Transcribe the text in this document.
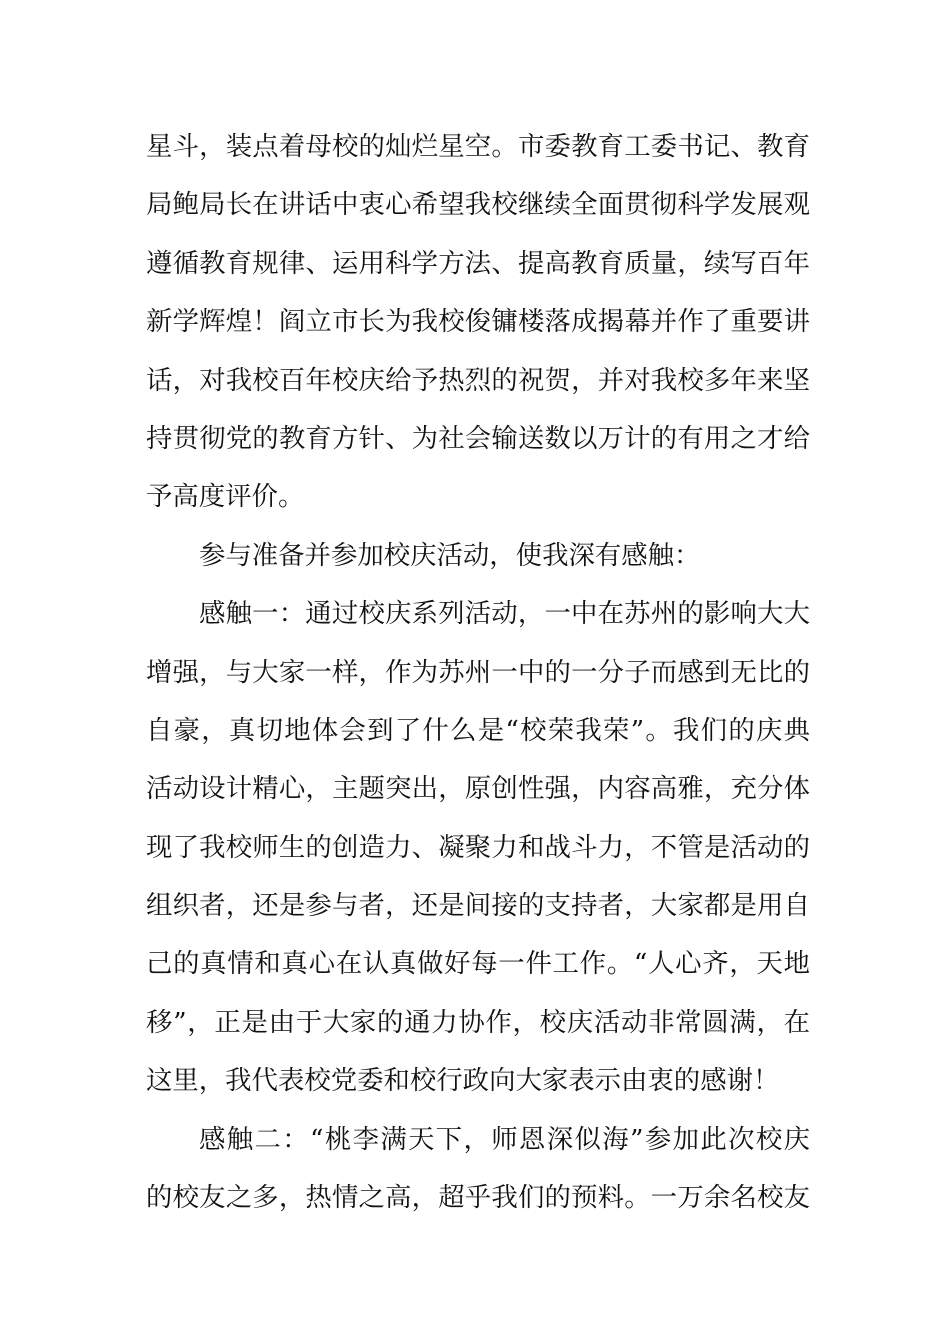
星斗，装点着母校的灿烂星空。市委教育工委书记、教育
局鲍局长在讲话中衷心希望我校继续全面贯彻科学发展观
遵循教育规律、运用科学方法、提高教育质量，续写百年
新学辉煌！阎立市长为我校俊镛楼落成揭幕并作了重要讲
话，对我校百年校庆给予热烈的祝贺，并对我校多年来坚
持贯彻党的教育方针、为社会输送数以万计的有用之才给
予高度评价。

参与准备并参加校庆活动，使我深有感触：

感触一：通过校庆系列活动，一中在苏州的影响大大
增强，与大家一样，作为苏州一中的一分子而感到无比的
自豪，真切地体会到了什么是“校荣我荣”。我们的庆典
活动设计精心，主题突出，原创性强，内容高雅，充分体
现了我校师生的创造力、凝聚力和战斗力，不管是活动的
组织者，还是参与者，还是间接的支持者，大家都是用自
己的真情和真心在认真做好每一件工作。“人心齐，天地
移”，正是由于大家的通力协作，校庆活动非常圆满，在
这里，我代表校党委和校行政向大家表示由衷的感谢！

感触二：“桃李满天下，师恩深似海”参加此次校庆
的校友之多，热情之高，超乎我们的预料。一万余名校友
